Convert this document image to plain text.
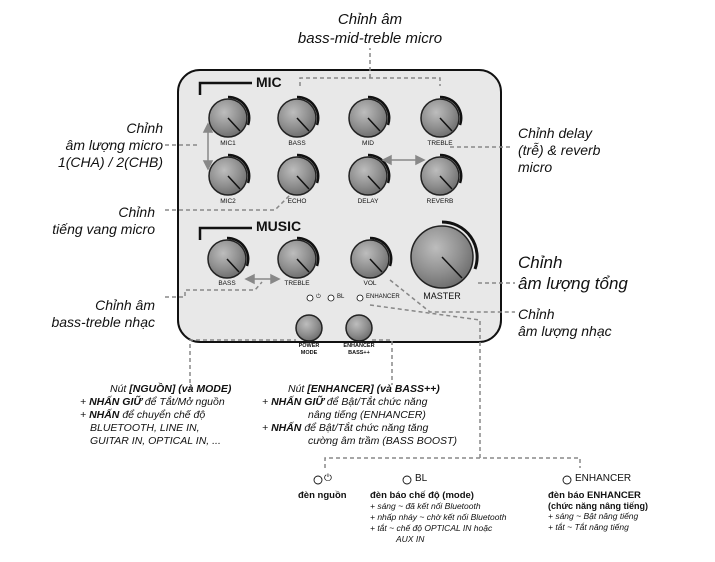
Chỉnh âm
bass-mid-treble micro
Chỉnh
âm lượng micro
1(CHA) / 2(CHB)
Chỉnh
tiếng vang micro
Chỉnh delay
(trễ) & reverb
micro
Chỉnh
âm lượng tổng
Chỉnh âm
bass-treble nhạc	Chỉnh
âm lượng nhạc
MIC
MUSIC
MIC1	BASS	MID	TREBLE
MIC2	ECHO	DELAY	REVERB
BASS	TREBLE	VOL
MASTER
⏻	BL	ENHANCER
POWER
MODE
ENHANCER
BASS++
Nút [NGUỒN] (và MODE)
+ NHẤN GIỮ để Tắt/Mở nguồn
+ NHẤN để chuyển chế độ
BLUETOOTH, LINE IN,
GUITAR IN, OPTICAL IN, ...
Nút [ENHANCER] (và BASS++)
+ NHẤN GIỮ để Bật/Tắt chức năng
nâng tiếng (ENHANCER)
+ NHẤN để Bật/Tắt chức năng tăng
cường âm trầm (BASS BOOST)
⏻
đèn nguồn
BL
đèn báo chế độ (mode)
+ sáng ~ đã kết nối Bluetooth
+ nhấp nháy ~ chờ kết nối Bluetooth
+ tắt ~ chế độ OPTICAL IN hoặc
AUX IN
ENHANCER
đèn báo ENHANCER
(chức năng nâng tiếng)
+ sáng ~ Bật nâng tiếng
+ tắt ~ Tắt nâng tiếng
